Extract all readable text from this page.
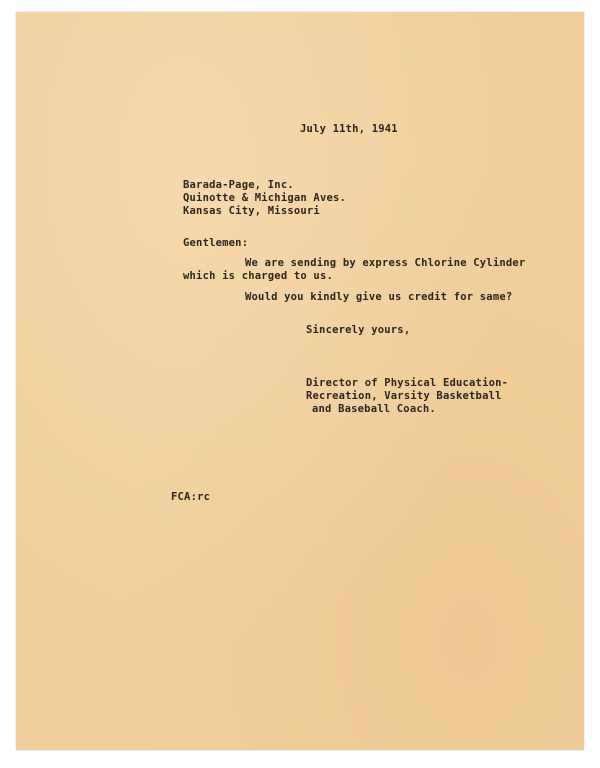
July 11th, 1941
Barada-Page, Inc.
Quinotte & Michigan Aves.
Kansas City, Missouri
Gentlemen:
We are sending by express Chlorine Cylinder
which is charged to us.
Would you kindly give us credit for same?
Sincerely yours,
Director of Physical Education-
Recreation, Varsity Basketball
and Baseball Coach.
FCA:rc
